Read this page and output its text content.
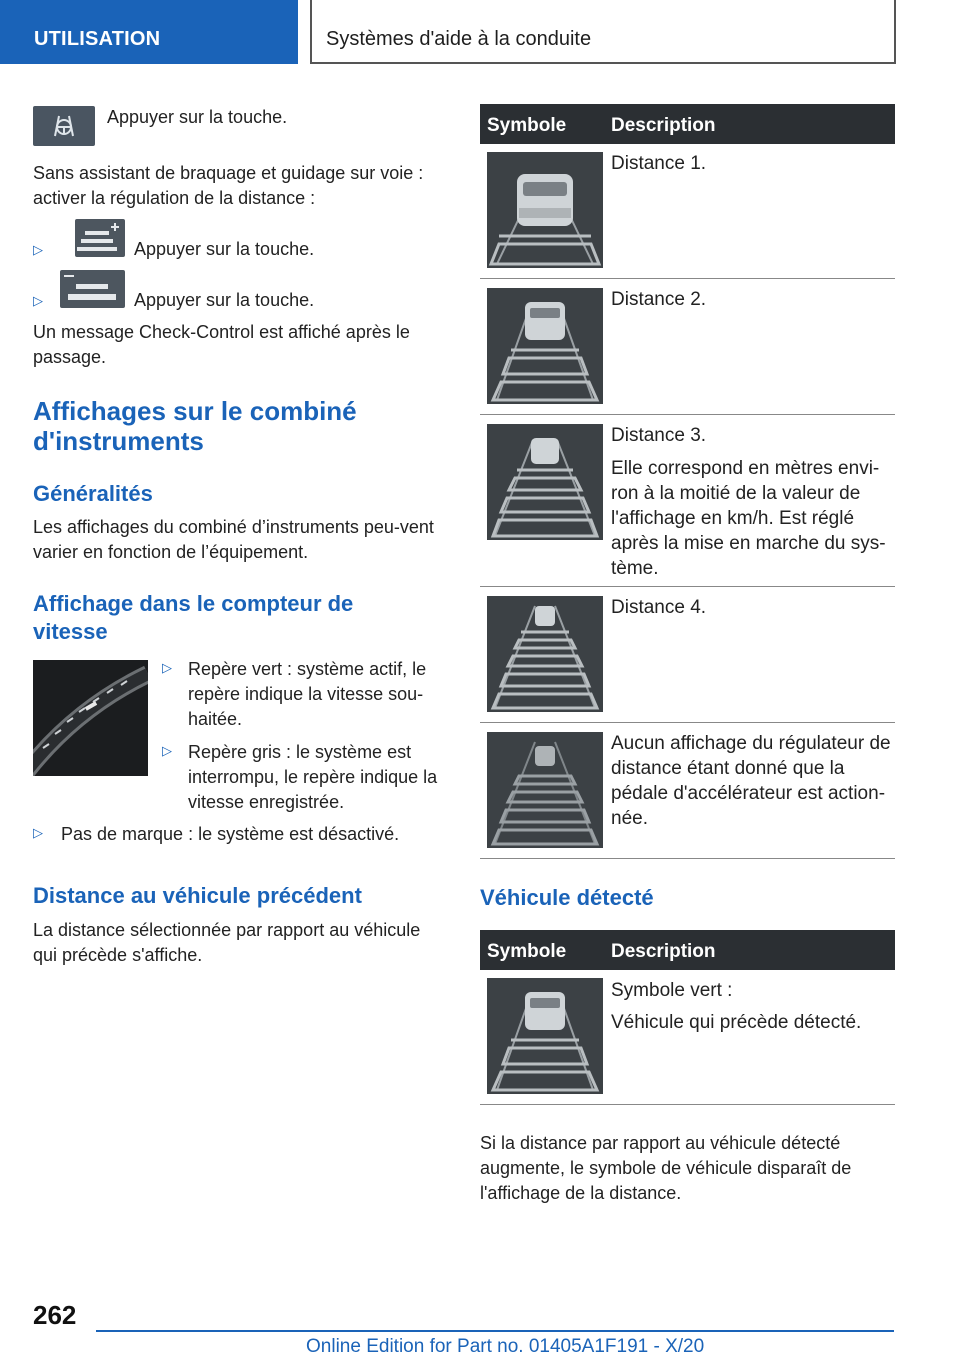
UTILISATION	Systèmes d'aide à la conduite
Appuyer sur la touche.
Sans assistant de braquage et guidage sur voie : activer la régulation de la distance :
▷	Appuyer sur la touche.
▷	Appuyer sur la touche.
Un message Check-Control est affiché après le passage.
Affichages sur le combiné d'instruments
Généralités
Les affichages du combiné d’instruments peu-vent varier en fonction de l’équipement.
Affichage dans le compteur de vitesse
▷ Repère vert : système actif, le repère indique la vitesse sou-haitée.
▷ Repère gris : le système est interrompu, le repère indique la vitesse enregistrée.
▷ Pas de marque : le système est désactivé.
Distance au véhicule précédent
La distance sélectionnée par rapport au véhicule qui précède s'affiche.
Symbole Description
Distance 1.
Distance 2.
Distance 3.
Elle correspond en mètres envi-ron à la moitié de la valeur de l'affichage en km/h. Est réglé après la mise en marche du sys-tème.
Distance 4.
Aucun affichage du régulateur de distance étant donné que la pédale d'accélérateur est action-née.
Véhicule détecté
Symbole Description
Symbole vert :
Véhicule qui précède détecté.
Si la distance par rapport au véhicule détecté augmente, le symbole de véhicule disparaît de l'affichage de la distance.
262
Online Edition for Part no. 01405A1F191 - X/20
